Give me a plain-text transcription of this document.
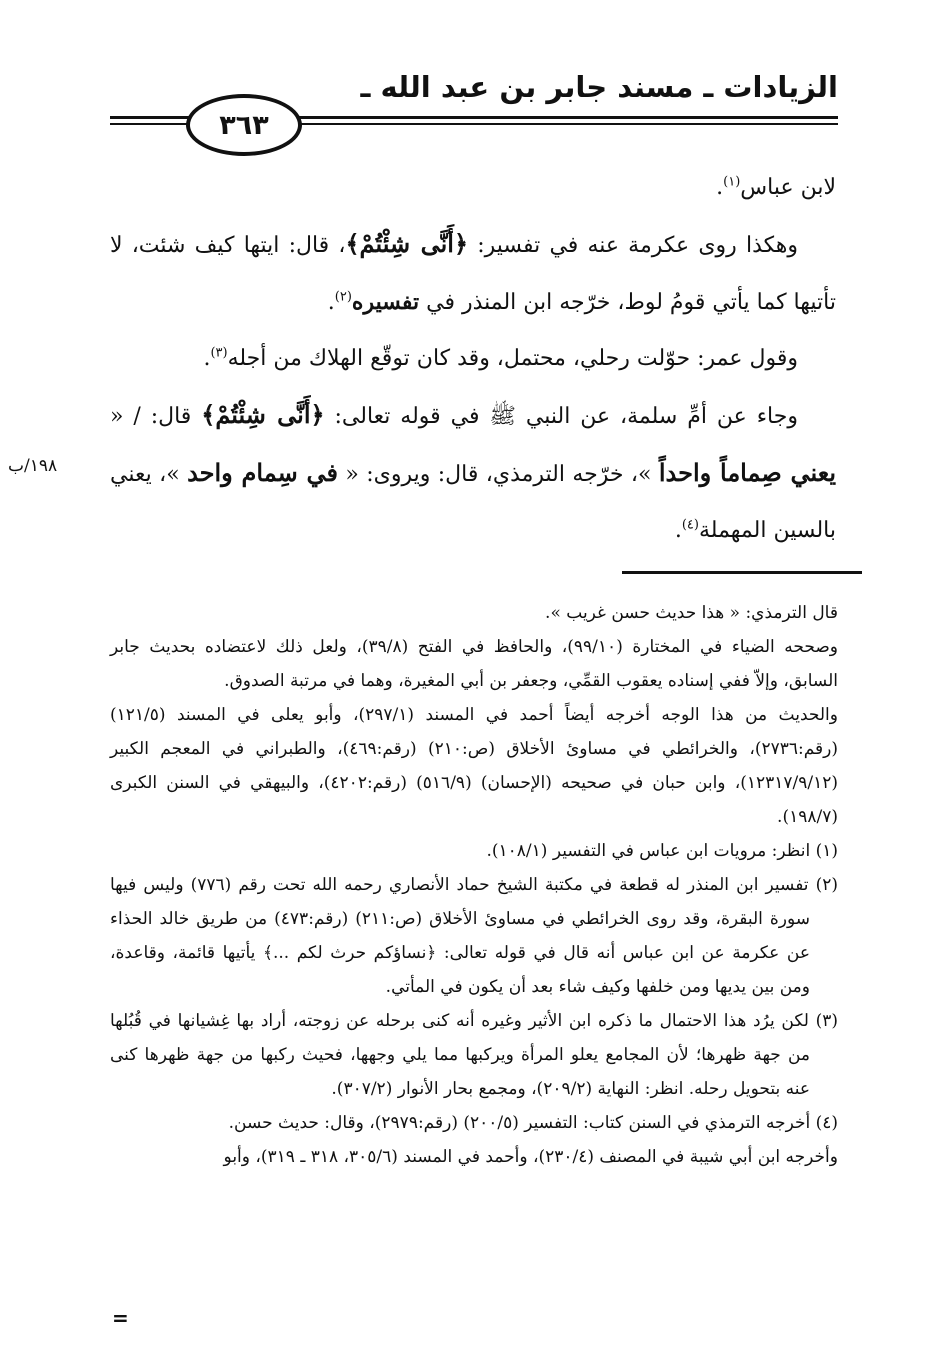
الزيادات ـ مسند جابر بن عبد الله ـ
٣٦٣
١٩٨/ب

لابن عباس$^{(١)}$.

وهكذا روى عكرمة عنه في تفسير: ﴿أَنَّى شِئْتُمْ﴾، قال: ايتها كيف شئت، لا تأتيها كما يأتي قومُ لوط، خرّجه ابن المنذر في تفسيره$^{(٢)}$.

وقول عمر: حوّلت رحلي، محتمل، وقد كان توقّع الهلاك من أجله$^{(٣)}$.

وجاء عن أمِّ سلمة، عن النبي ﷺ في قوله تعالى: ﴿أَنَّى شِئْتُمْ﴾ قال: / « يعني صِماماً واحداً »، خرّجه الترمذي، قال: ويروى: « في سِمام واحد »، يعني بالسين المهملة$^{(٤)}$.

قال الترمذي: « هذا حديث حسن غريب ».

وصححه الضياء في المختارة (٩٩/١٠)، والحافظ في الفتح (٣٩/٨)، ولعل ذلك لاعتضاده بحديث جابر السابق، وإلاّ ففي إسناده يعقوب القمِّي، وجعفر بن أبي المغيرة، وهما في مرتبة الصدوق.

والحديث من هذا الوجه أخرجه أيضاً أحمد في المسند (٢٩٧/١)، وأبو يعلى في المسند (١٢١/٥) (رقم:٢٧٣٦)، والخرائطي في مساوئ الأخلاق (ص:٢١٠) (رقم:٤٦٩)، والطبراني في المعجم الكبير (١٢٣١٧/٩/١٢)، وابن حبان في صحيحه (الإحسان) (٥١٦/٩) (رقم:٤٢٠٢)، والبيهقي في السنن الكبرى (١٩٨/٧).

(١) انظر: مرويات ابن عباس في التفسير (١٠٨/١).

(٢) تفسير ابن المنذر له قطعة في مكتبة الشيخ حماد الأنصاري رحمه الله تحت رقم (٧٧٦) وليس فيها سورة البقرة، وقد روى الخرائطي في مساوئ الأخلاق (ص:٢١١) (رقم:٤٧٣) من طريق خالد الحذاء عن عكرمة عن ابن عباس أنه قال في قوله تعالى: ﴿نساؤكم حرث لكم ...﴾ يأتيها قائمة، وقاعدة، ومن بين يديها ومن خلفها وكيف شاء بعد أن يكون في المأتي.

(٣) لكن يرُد هذا الاحتمال ما ذكره ابن الأثير وغيره أنه كنى برحله عن زوجته، أراد بها غِشيانها في قُبُلها من جهة ظهرها؛ لأن المجامع يعلو المرأة ويركبها مما يلي وجهها، فحيث ركبها من جهة ظهرها كنى عنه بتحويل رحله. انظر: النهاية (٢٠٩/٢)، ومجمع بحار الأنوار (٣٠٧/٢).

(٤) أخرجه الترمذي في السنن كتاب: التفسير (٢٠٠/٥) (رقم:٢٩٧٩)، وقال: حديث حسن.

وأخرجه ابن أبي شيبة في المصنف (٢٣٠/٤)، وأحمد في المسند (٣٠٥/٦، ٣١٨ ـ ٣١٩)، وأبو

=
